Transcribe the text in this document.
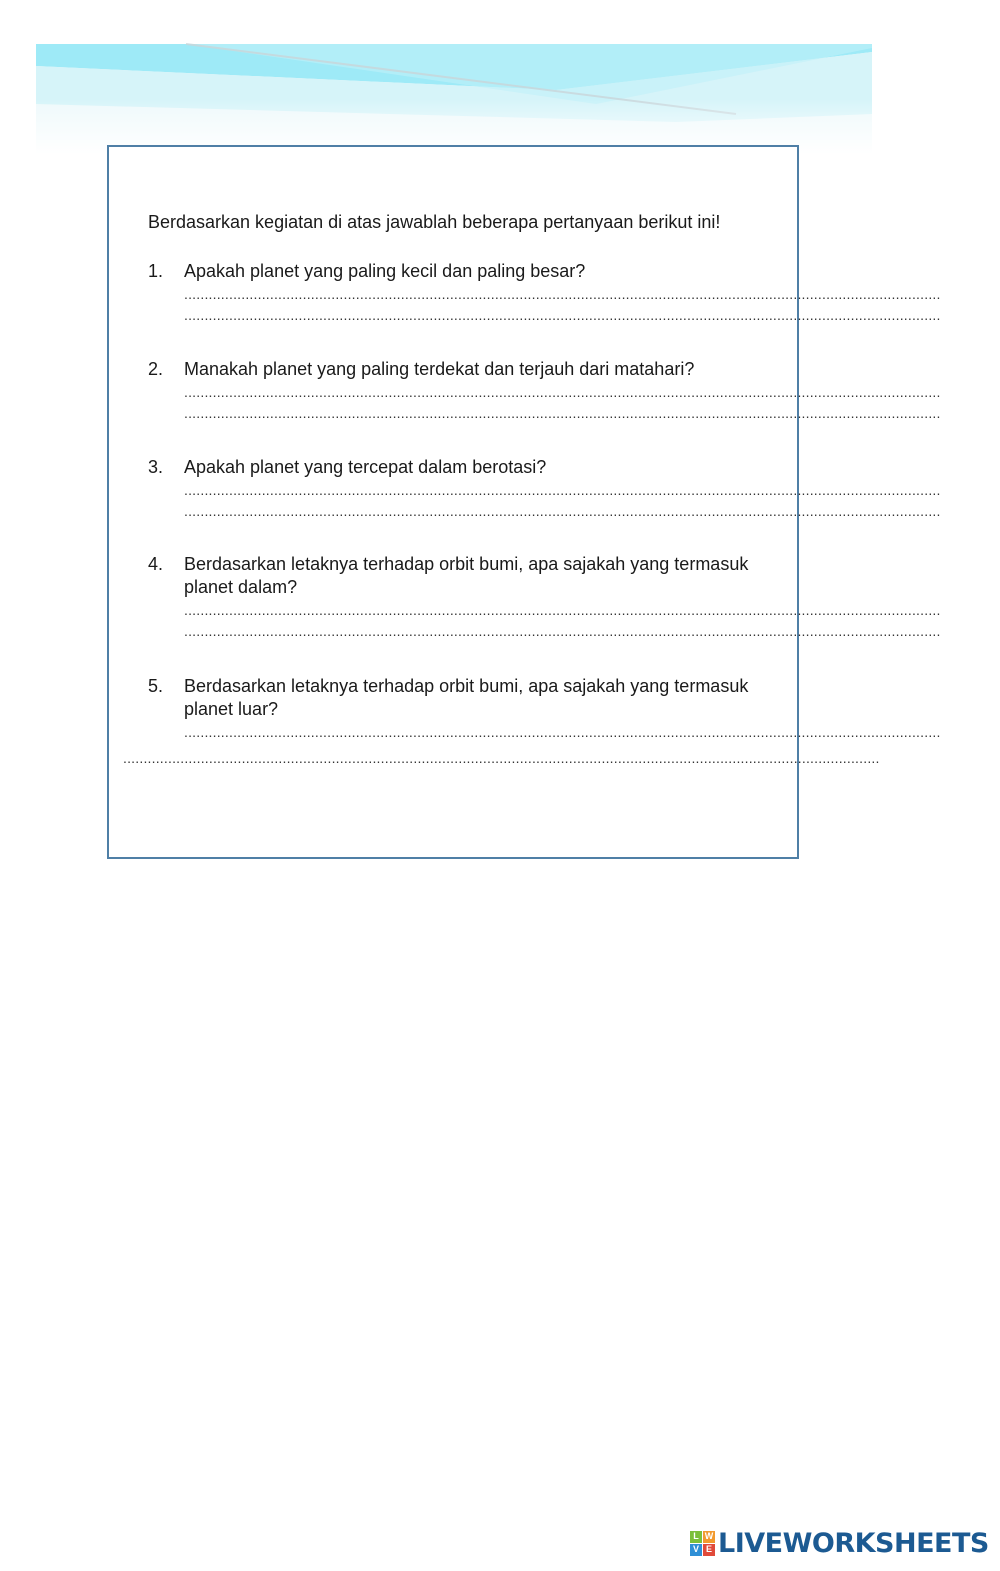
Berdasarkan kegiatan di atas jawablah beberapa pertanyaan berikut ini!
1.	Apakah planet yang paling kecil dan paling besar?
.........................................................................................................................................................................................
.........................................................................................................................................................................................
2.	Manakah planet yang paling terdekat dan terjauh dari matahari?
.........................................................................................................................................................................................
.........................................................................................................................................................................................
3.	Apakah planet yang tercepat dalam berotasi?
.........................................................................................................................................................................................
.........................................................................................................................................................................................
4.	Berdasarkan letaknya terhadap orbit bumi, apa sajakah yang termasuk
planet dalam?
.........................................................................................................................................................................................
.........................................................................................................................................................................................
5.	Berdasarkan letaknya terhadap orbit bumi, apa sajakah yang termasuk
planet luar?
.........................................................................................................................................................................................
.........................................................................................................................................................................................
L W
V E LIVEWORKSHEETS
